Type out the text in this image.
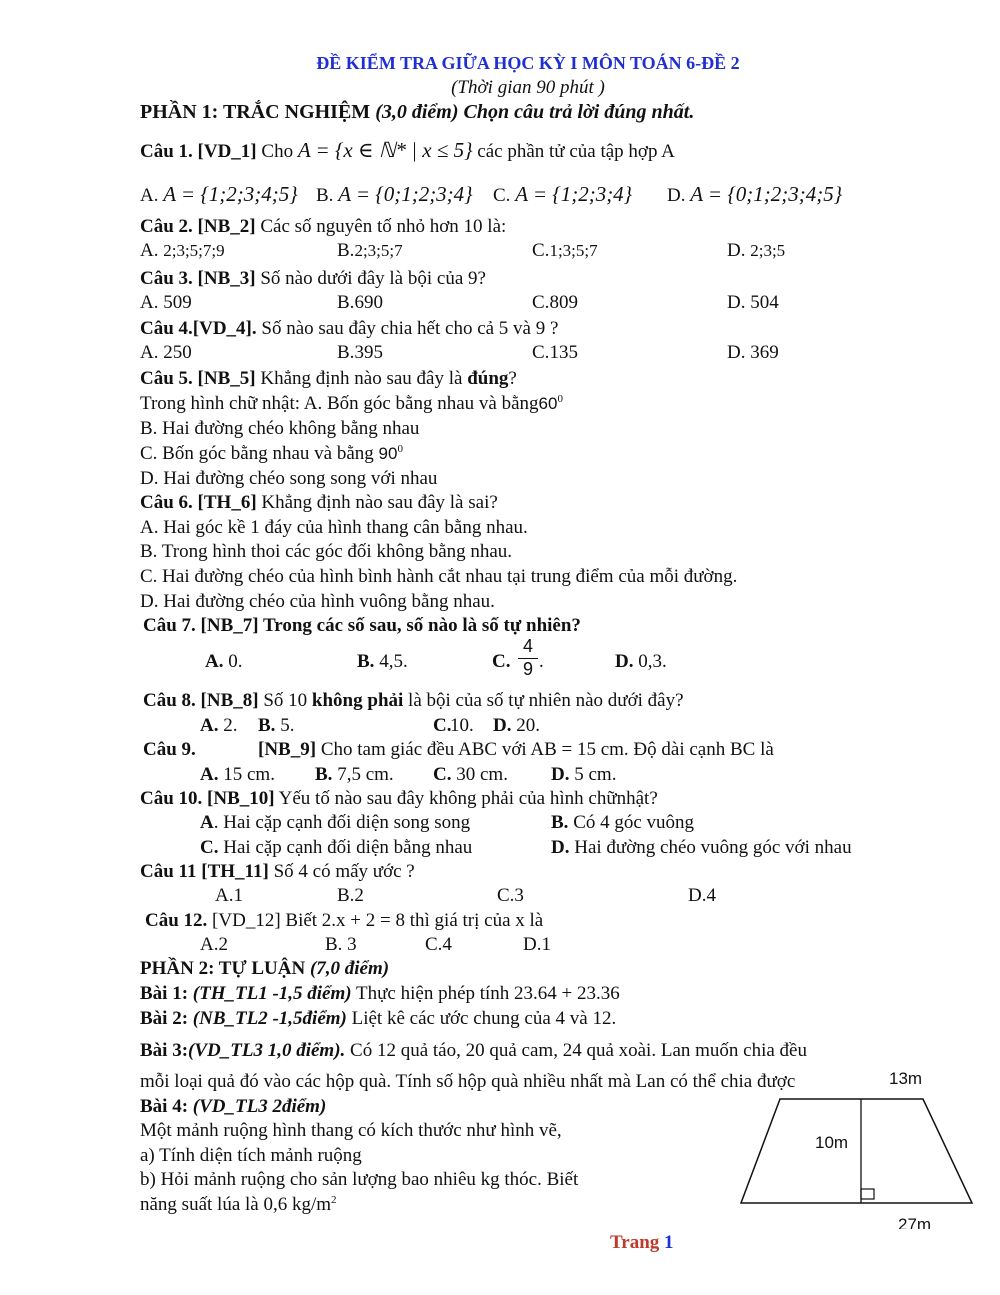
ĐỀ KIỂM TRA GIỮA HỌC KỲ I MÔN TOÁN 6-ĐỀ 2
(Thời gian 90 phút )
PHẦN 1: TRẮC NGHIỆM (3,0 điểm) Chọn câu trả lời đúng nhất.
Câu 1. [VD_1] Cho A = {x ∈ ℕ* | x ≤ 5} các phần tử của tập hợp A
A. A = {1;2;3;4;5} B. A = {0;1;2;3;4} C. A = {1;2;3;4} D. A = {0;1;2;3;4;5}
Câu 2. [NB_2] Các số nguyên tố nhỏ hơn 10 là:
A. 2;3;5;7;9	B.2;3;5;7	C.1;3;5;7	D. 2;3;5
Câu 3. [NB_3] Số nào dưới đây là bội của 9?
A. 509	B.690	C.809	D. 504
Câu 4.[VD_4]. Số nào sau đây chia hết cho cả 5 và 9 ?
A. 250	B.395	C.135	D. 369
Câu 5. [NB_5] Khẳng định nào sau đây là đúng?
Trong hình chữ nhật: A. Bốn góc bằng nhau và $bằng60^0$
B. Hai đường chéo không bằng nhau
C. Bốn góc bằng nhau và bằng $90^0$
D. Hai đường chéo song song với nhau
Câu 6. [TH_6] Khẳng định nào sau đây là sai?
A. Hai góc kề 1 đáy của hình thang cân bằng nhau.
B. Trong hình thoi các góc đối không bằng nhau.
C. Hai đường chéo của hình bình hành cắt nhau tại trung điểm của mỗi đường.
D. Hai đường chéo của hình vuông bằng nhau.
Câu 7. [NB_7] Trong các số sau, số nào là số tự nhiên?
A. 0.	B. 4,5.	C. $\frac{4}{9}$ .	D. 0,3.
Câu 8. [NB_8] Số 10 không phải là bội của số tự nhiên nào dưới đây?
A. 2. B. 5.	C.
10. D. 20.
Câu 9.	[NB_9] Cho tam giác đều ABC với AB = 15 cm. Độ dài cạnh BC là
A. 15 cm. B. 7,5 cm. C. 30 cm. D. 5 cm.
Câu 10. [NB_10] Yếu tố nào sau đây không phải của hình chữnhật?
A. Hai cặp cạnh đối diện song song	B. Có 4 góc vuông
C. Hai cặp cạnh đối diện bằng nhau	D. Hai đường chéo vuông góc với nhau
Câu 11 [TH_11] Số 4 có mấy ước ?
A.1	B.2	C.3	D.4
Câu 12. [VD_12] Biết 2.x + 2 = 8 thì giá trị của x là
A.2	B. 3	C.4	D.1
PHẦN 2: TỰ LUẬN (7,0 điểm)
Bài 1: (TH_TL1 -1,5 điểm) Thực hiện phép tính 23.64 + 23.36
Bài 2: (NB_TL2 -1,5điểm) Liệt kê các ước chung của 4 và 12.
Bài 3:(VD_TL3 1,0 điểm). Có 12 quả táo, 20 quả cam, 24 quả xoài. Lan muốn chia đều
mỗi loại quả đó vào các hộp quà. Tính số hộp quà nhiều nhất mà Lan có thể chia được
Bài 4: (VD_TL3 2điểm)
Một mảnh ruộng hình thang có kích thước như hình vẽ,
a) Tính diện tích mảnh ruộng
b) Hỏi mảnh ruộng cho sản lượng bao nhiêu kg thóc. Biết
năng suất lúa là 0,6 $kg/m^2$
13m
10m
27m
Trang 1
